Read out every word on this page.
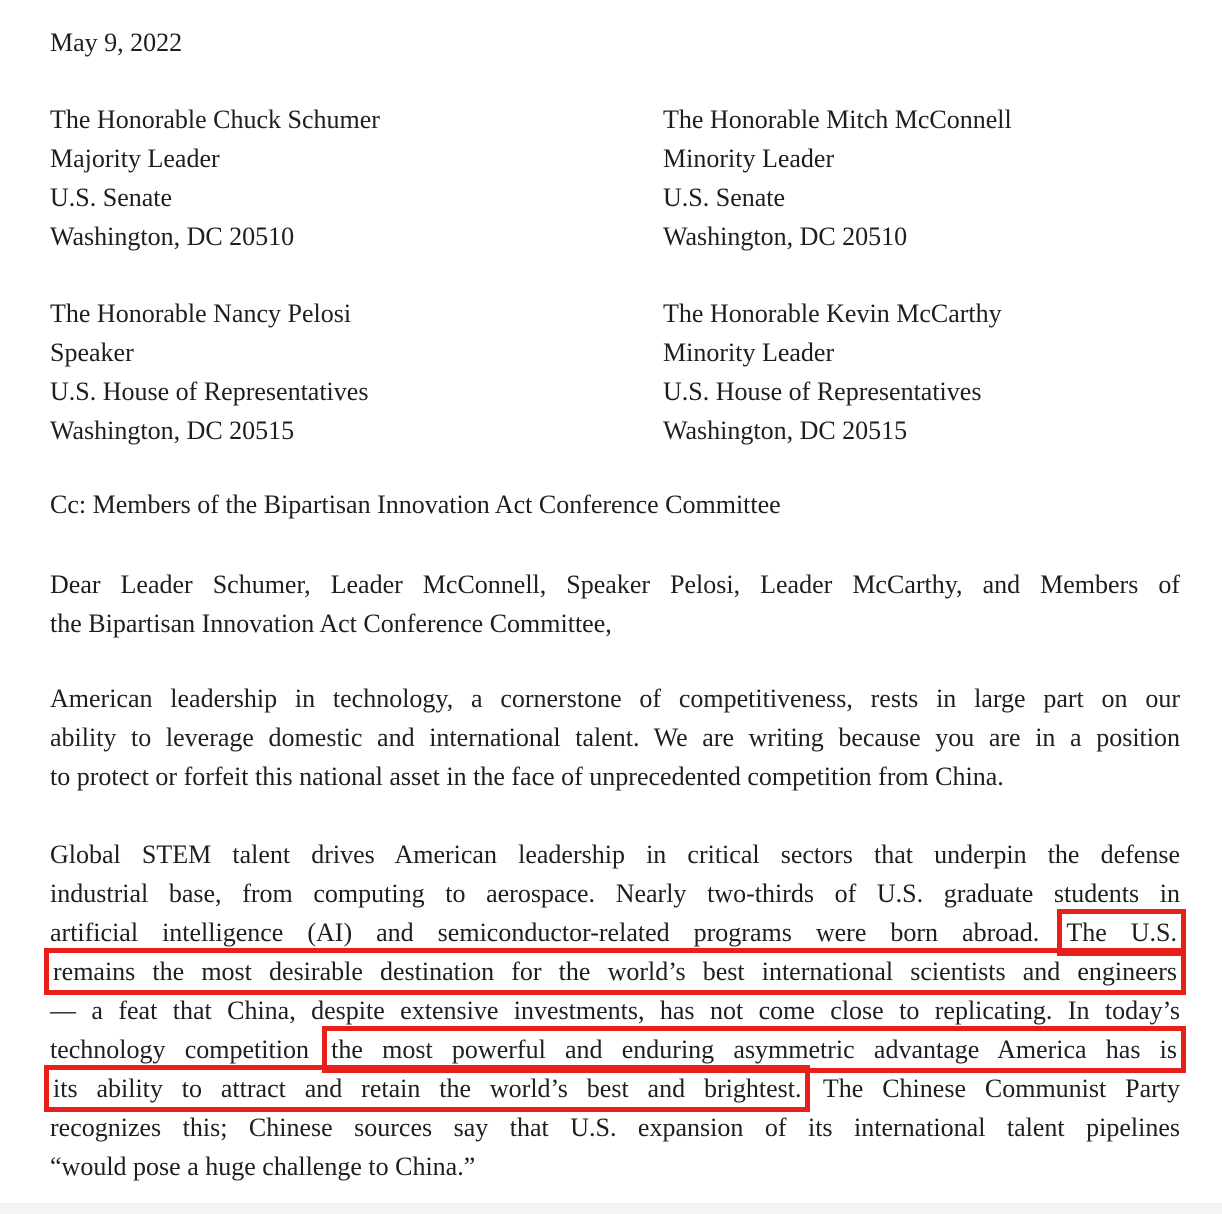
May 9, 2022
The Honorable Chuck Schumer
Majority Leader
U.S. Senate
Washington, DC 20510
The Honorable Mitch McConnell
Minority Leader
U.S. Senate
Washington, DC 20510
The Honorable Nancy Pelosi
Speaker
U.S. House of Representatives
Washington, DC 20515
The Honorable Kevin McCarthy
Minority Leader
U.S. House of Representatives
Washington, DC 20515
Cc: Members of the Bipartisan Innovation Act Conference Committee
Dear Leader Schumer, Leader McConnell, Speaker Pelosi, Leader McCarthy, and Members of
the Bipartisan Innovation Act Conference Committee,
American leadership in technology, a cornerstone of competitiveness, rests in large part on our
ability to leverage domestic and international talent. We are writing because you are in a position
to protect or forfeit this national asset in the face of unprecedented competition from China.
Global STEM talent drives American leadership in critical sectors that underpin the defense
industrial base, from computing to aerospace. Nearly two-thirds of U.S. graduate students in
artificial intelligence (AI) and semiconductor-related programs were born abroad. The U.S.
remains the most desirable destination for the world’s best international scientists and engineers
— a feat that China, despite extensive investments, has not come close to replicating. In today’s
technology competition the most powerful and enduring asymmetric advantage America has is
its ability to attract and retain the world’s best and brightest. The Chinese Communist Party
recognizes this; Chinese sources say that U.S. expansion of its international talent pipelines
“would pose a huge challenge to China.”
